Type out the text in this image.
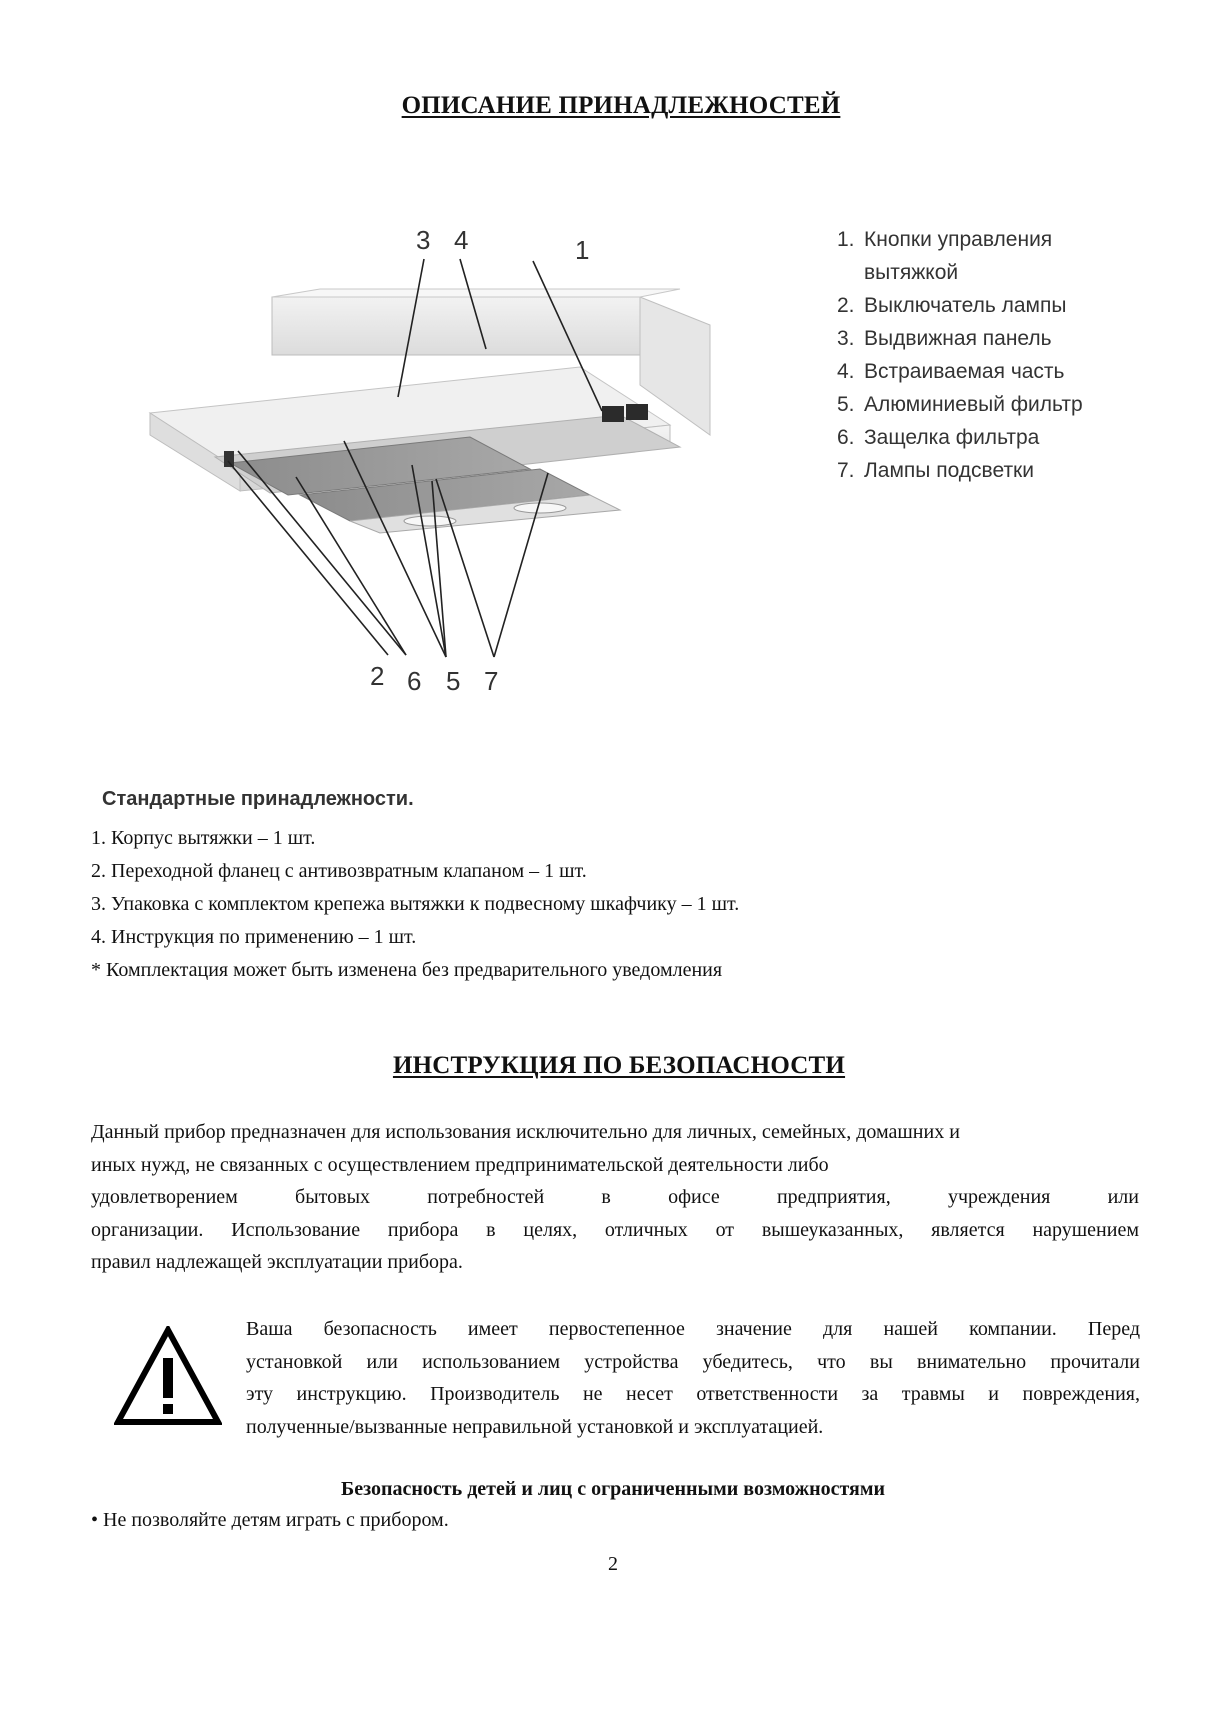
ОПИСАНИЕ ПРИНАДЛЕЖНОСТЕЙ
3 4	1
2 6 5 7
1. Кнопки управления
вытяжкой
2. Выключатель лампы
3. Выдвижная панель
4. Встраиваемая часть
5. Алюминиевый фильтр
6. Защелка фильтра
7. Лампы подсветки
Стандартные принадлежности.
1. Корпус вытяжки – 1 шт.
2. Переходной фланец с антивозвратным клапаном – 1 шт.
3. Упаковка с комплектом крепежа вытяжки к подвесному шкафчику – 1 шт.
4. Инструкция по применению – 1 шт.
* Комплектация может быть изменена без предварительного уведомления
ИНСТРУКЦИЯ ПО БЕЗОПАСНОСТИ

Данный прибор предназначен для использования исключительно для личных, семейных, домашних и
иных нужд, не связанных с осуществлением предпринимательской деятельности либо
удовлетворением бытовых потребностей в офисе предприятия, учреждения или
организации. Использование прибора в целях, отличных от вышеуказанных, является нарушением
правил надлежащей эксплуатации прибора.

Ваша безопасность имеет первостепенное значение для нашей компании. Перед
установкой или использованием устройства убедитесь, что вы внимательно прочитали
эту инструкцию. Производитель не несет ответственности за травмы и повреждения,
полученные/вызванные неправильной установкой и эксплуатацией.

Безопасность детей и лиц с ограниченными возможностями
• Не позволяйте детям играть с прибором.
2
